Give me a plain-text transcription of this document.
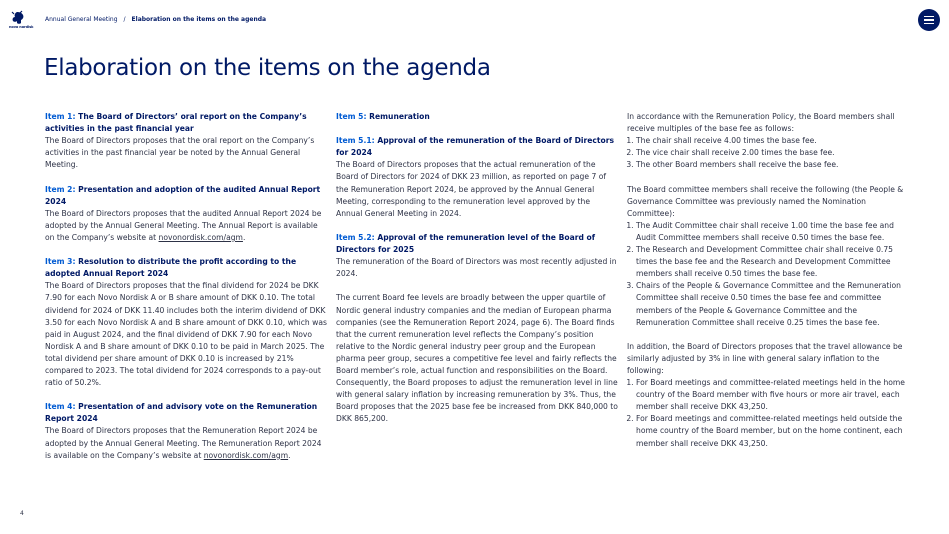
novo nordisk
Annual General Meeting / Elaboration on the items on the agenda
Elaboration on the items on the agenda

Item 1: The Board of Directors’ oral report on the Company’s activities in the past financial year
The Board of Directors proposes that the oral report on the Company’s activities in the past financial year be noted by the Annual General Meeting.

Item 2: Presentation and adoption of the audited Annual Report 2024
The Board of Directors proposes that the audited Annual Report 2024 be adopted by the Annual General Meeting. The Annual Report is available on the Company’s website at novonordisk.com/agm.

Item 3: Resolution to distribute the profit according to the adopted Annual Report 2024
The Board of Directors proposes that the final dividend for 2024 be DKK 7.90 for each Novo Nordisk A or B share amount of DKK 0.10. The total dividend for 2024 of DKK 11.40 includes both the interim dividend of DKK 3.50 for each Novo Nordisk A and B share amount of DKK 0.10, which was paid in August 2024, and the final dividend of DKK 7.90 for each Novo Nordisk A and B share amount of DKK 0.10 to be paid in March 2025. The total dividend per share amount of DKK 0.10 is increased by 21% compared to 2023. The total dividend for 2024 corresponds to a pay-out ratio of 50.2%.

Item 4: Presentation of and advisory vote on the Remuneration Report 2024
The Board of Directors proposes that the Remuneration Report 2024 be adopted by the Annual General Meeting. The Remuneration Report 2024 is available on the Company’s website at novonordisk.com/agm.

Item 5: Remuneration

Item 5.1: Approval of the remuneration of the Board of Directors for 2024
The Board of Directors proposes that the actual remuneration of the Board of Directors for 2024 of DKK 23 million, as reported on page 7 of the Remuneration Report 2024, be approved by the Annual General Meeting, corresponding to the remuneration level approved by the Annual General Meeting in 2024.

Item 5.2: Approval of the remuneration level of the Board of Directors for 2025
The remuneration of the Board of Directors was most recently adjusted in 2024.

The current Board fee levels are broadly between the upper quartile of Nordic general industry companies and the median of European pharma companies (see the Remuneration Report 2024, page 6). The Board finds that the current remuneration level reflects the Company’s position relative to the Nordic general industry peer group and the European pharma peer group, secures a competitive fee level and fairly reflects the Board member’s role, actual function and responsibilities on the Board. Consequently, the Board proposes to adjust the remuneration level in line with general salary inflation by increasing remuneration by 3%. Thus, the Board proposes that the 2025 base fee be increased from DKK 840,000 to DKK 865,200.

In accordance with the Remuneration Policy, the Board members shall receive multiples of the base fee as follows:
1. The chair shall receive 4.00 times the base fee.
2. The vice chair shall receive 2.00 times the base fee.
3. The other Board members shall receive the base fee.
The Board committee members shall receive the following (the People & Governance Committee was previously named the Nomination Committee):
1. The Audit Committee chair shall receive 1.00 time the base fee and Audit Committee members shall receive 0.50 times the base fee.
2. The Research and Development Committee chair shall receive 0.75 times the base fee and the Research and Development Committee members shall receive 0.50 times the base fee.
3. Chairs of the People & Governance Committee and the Remuneration Committee shall receive 0.50 times the base fee and committee members of the People & Governance Committee and the Remuneration Committee shall receive 0.25 times the base fee.
In addition, the Board of Directors proposes that the travel allowance be similarly adjusted by 3% in line with general salary inflation to the following:
1. For Board meetings and committee-related meetings held in the home country of the Board member with five hours or more air travel, each member shall receive DKK 43,250.
2. For Board meetings and committee-related meetings held outside the home country of the Board member, but on the home continent, each member shall receive DKK 43,250.
4
